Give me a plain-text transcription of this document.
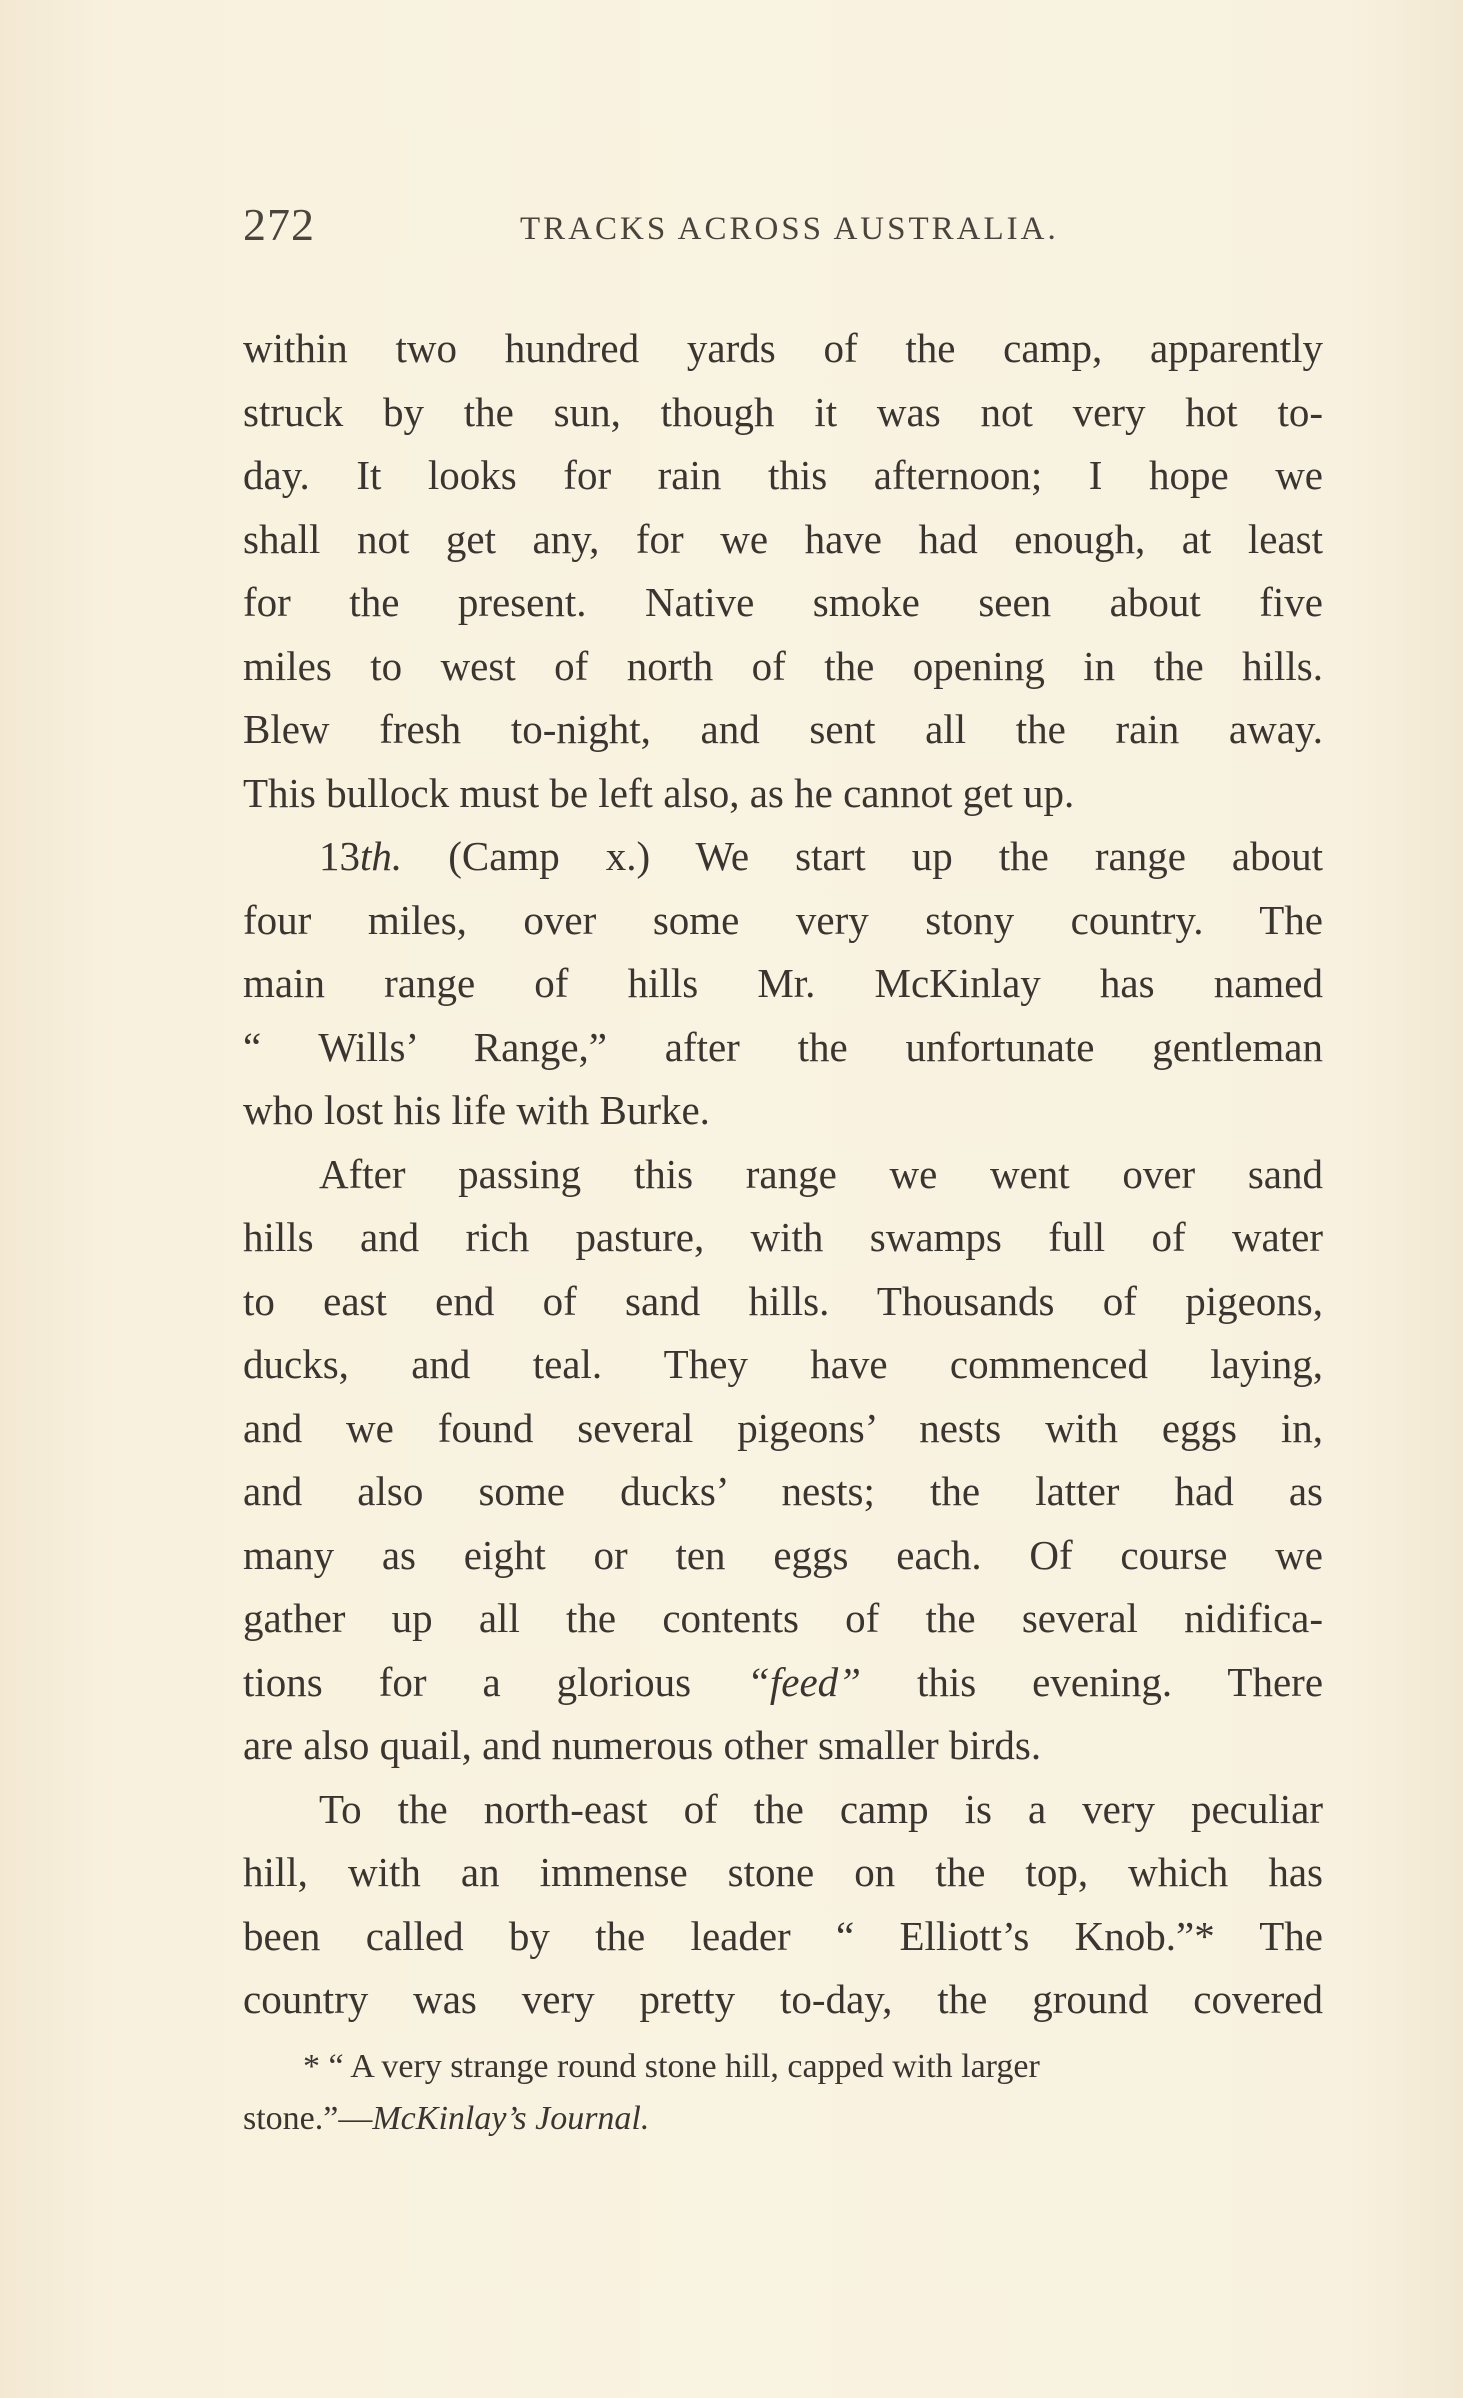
272	TRACKS ACROSS AUSTRALIA.
within two hundred yards of the camp, apparently
struck by the sun, though it was not very hot to-
day. It looks for rain this afternoon; I hope we
shall not get any, for we have had enough, at least
for the present. Native smoke seen about five
miles to west of north of the opening in the hills.
Blew fresh to-night, and sent all the rain away.
This bullock must be left also, as he cannot get up.
13th. (Camp x.) We start up the range about
four miles, over some very stony country. The
main range of hills Mr. McKinlay has named
“ Wills’ Range,” after the unfortunate gentleman
who lost his life with Burke.
After passing this range we went over sand
hills and rich pasture, with swamps full of water
to east end of sand hills. Thousands of pigeons,
ducks, and teal. They have commenced laying,
and we found several pigeons’ nests with eggs in,
and also some ducks’ nests; the latter had as
many as eight or ten eggs each. Of course we
gather up all the contents of the several nidifica-
tions for a glorious “feed” this evening. There
are also quail, and numerous other smaller birds.
To the north-east of the camp is a very peculiar
hill, with an immense stone on the top, which has
been called by the leader “ Elliott’s Knob.”* The
country was very pretty to-day, the ground covered
* “ A very strange round stone hill, capped with larger
stone.”—McKinlay’s Journal.
